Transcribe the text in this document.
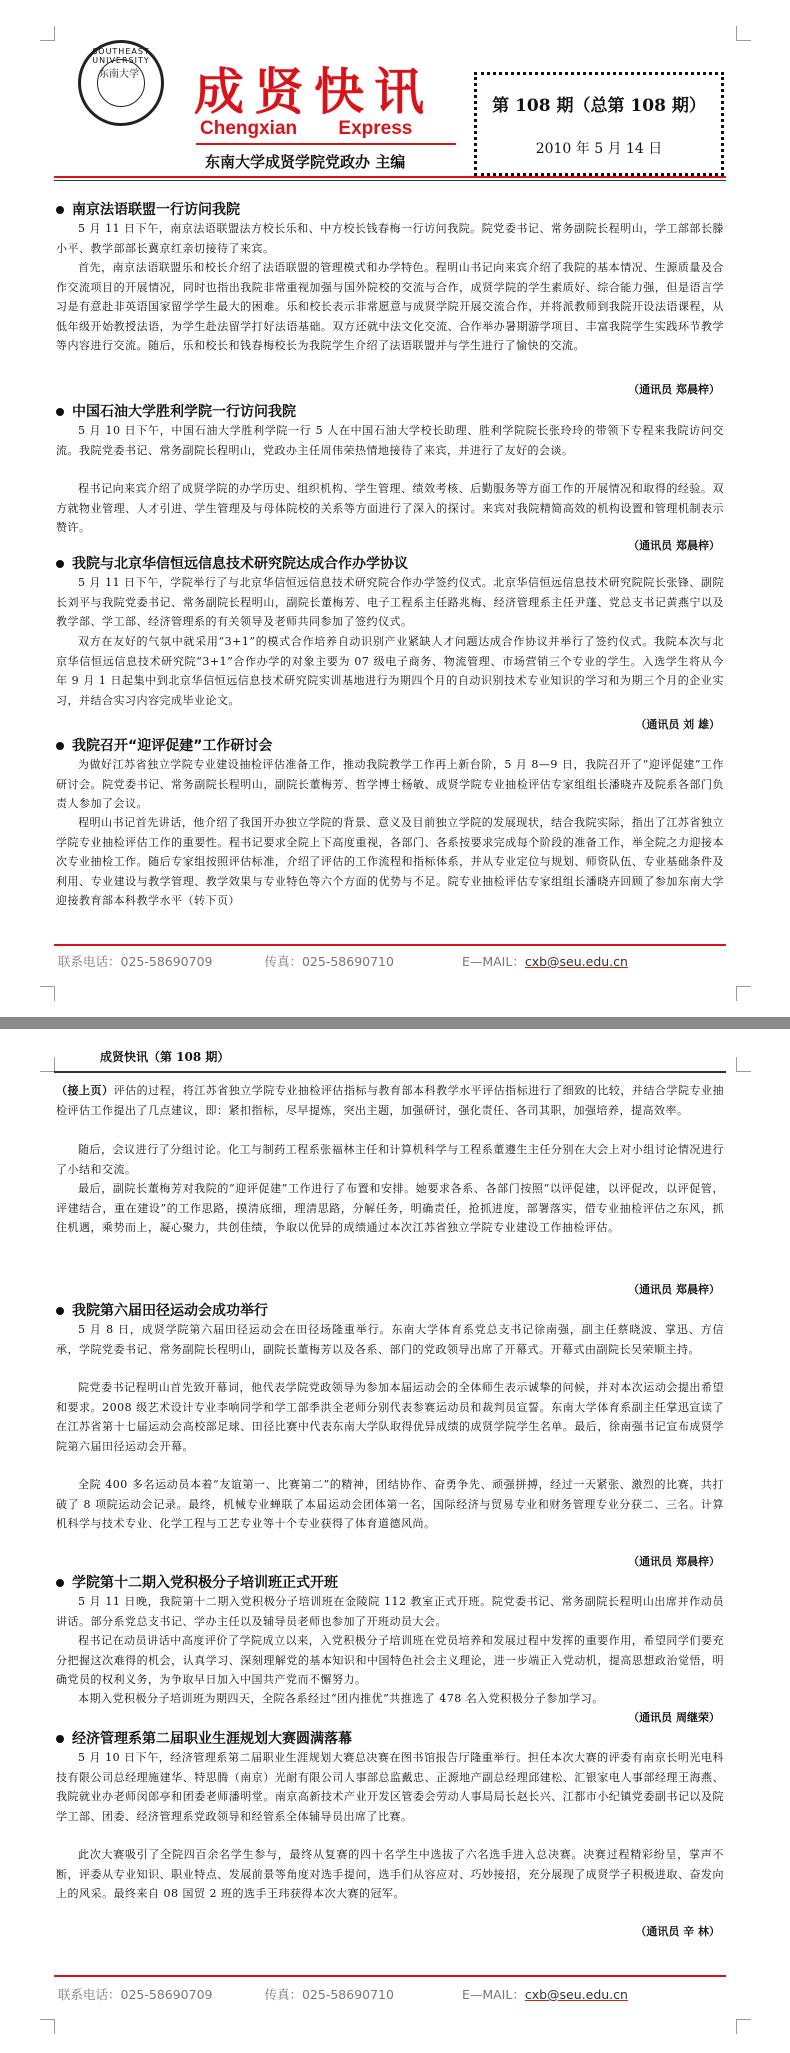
SOUTHEAST UNIVERSITY
东南大学 成贤快讯
Chengxian Express
东南大学成贤学院党政办 主编
第 108 期（总第 108 期）
2010 年 5 月 14 日
南京法语联盟一行访问我院
5 月 11 日下午，南京法语联盟法方校长乐和、中方校长钱春梅一行访问我院。院党委书记、常务副院长程明山，学工部部长滕小平、教学部部长冀京红亲切接待了来宾。
首先，南京法语联盟乐和校长介绍了法语联盟的管理模式和办学特色。程明山书记向来宾介绍了我院的基本情况、生源质量及合作交流项目的开展情况，同时也指出我院非常重视加强与国外院校的交流与合作，成贤学院的学生素质好、综合能力强，但是语言学习是有意赴非英语国家留学学生最大的困难。乐和校长表示非常愿意与成贤学院开展交流合作，并将派教师到我院开设法语课程，从低年级开始教授法语，为学生赴法留学打好法语基础。双方还就中法文化交流、合作举办暑期游学项目、丰富我院学生实践环节教学等内容进行交流。随后，乐和校长和钱春梅校长为我院学生介绍了法语联盟并与学生进行了愉快的交流。
（通讯员 郑晨梓）
中国石油大学胜利学院一行访问我院
5 月 10 日下午，中国石油大学胜利学院一行 5 人在中国石油大学校长助理、胜利学院院长张玲玲的带领下专程来我院访问交流。我院党委书记、常务副院长程明山，党政办主任周伟荣热情地接待了来宾，并进行了友好的会谈。
程书记向来宾介绍了成贤学院的办学历史、组织机构、学生管理、绩效考核、后勤服务等方面工作的开展情况和取得的经验。双方就物业管理、人才引进、学生管理及与母体院校的关系等方面进行了深入的探讨。来宾对我院精简高效的机构设置和管理机制表示赞许。
（通讯员 郑晨梓）
我院与北京华信恒远信息技术研究院达成合作办学协议
5 月 11 日下午，学院举行了与北京华信恒远信息技术研究院合作办学签约仪式。北京华信恒远信息技术研究院院长张锋、副院长刘平与我院党委书记、常务副院长程明山，副院长董梅芳、电子工程系主任路兆梅、经济管理系主任尹蓬、党总支书记黄燕宁以及教学部、学工部、经济管理系的有关领导及老师共同参加了签约仪式。
双方在友好的气氛中就采用“3+1”的模式合作培养自动识别产业紧缺人才问题达成合作协议并举行了签约仪式。我院本次与北京华信恒远信息技术研究院“3+1”合作办学的对象主要为 07 级电子商务、物流管理、市场营销三个专业的学生。入选学生将从今年 9 月 1 日起集中到北京华信恒远信息技术研究院实训基地进行为期四个月的自动识别技术专业知识的学习和为期三个月的企业实习，并结合实习内容完成毕业论文。
（通讯员 刘 雄）
我院召开“迎评促建”工作研讨会
为做好江苏省独立学院专业建设抽检评估准备工作，推动我院教学工作再上新台阶，5 月 8—9 日，我院召开了“迎评促建”工作研讨会。院党委书记、常务副院长程明山，副院长董梅芳、哲学博士杨敏、成贤学院专业抽检评估专家组组长潘晓卉及院系各部门负责人参加了会议。
程明山书记首先讲话，他介绍了我国开办独立学院的背景、意义及目前独立学院的发展现状，结合我院实际，指出了江苏省独立学院专业抽检评估工作的重要性。程书记要求全院上下高度重视，各部门、各系按要求完成每个阶段的准备工作，举全院之力迎接本次专业抽检工作。随后专家组按照评估标准，介绍了评估的工作流程和指标体系，并从专业定位与规划、师资队伍、专业基础条件及利用、专业建设与教学管理、教学效果与专业特色等六个方面的优势与不足。院专业抽检评估专家组组长潘晓卉回顾了参加东南大学迎接教育部本科教学水平（转下页）
联系电话：025-58690709	传真：025-58690710	E—MAIL：cxb@seu.edu.cn
成贤快讯（第 108 期）
（接上页）评估的过程，将江苏省独立学院专业抽检评估指标与教育部本科教学水平评估指标进行了细致的比较，并结合学院专业抽检评估工作提出了几点建议，即：紧扣指标，尽早提炼，突出主题，加强研讨，强化责任、各司其职，加强培养，提高效率。
随后，会议进行了分组讨论。化工与制药工程系张福林主任和计算机科学与工程系董遵生主任分别在大会上对小组讨论情况进行了小结和交流。
最后，副院长董梅芳对我院的“迎评促建”工作进行了布置和安排。她要求各系、各部门按照“以评促建，以评促改，以评促管，评建结合，重在建设”的工作思路，摸清底细，理清思路，分解任务，明确责任，抢抓进度，部署落实，借专业抽检评估之东风，抓住机遇，乘势而上，凝心聚力，共创佳绩，争取以优异的成绩通过本次江苏省独立学院专业建设工作抽检评估。
（通讯员 郑晨梓）
我院第六届田径运动会成功举行
5 月 8 日，成贤学院第六届田径运动会在田径场隆重举行。东南大学体育系党总支书记徐南强，副主任蔡晓波、掌迅、方信承，学院党委书记、常务副院长程明山，副院长董梅芳以及各系、部门的党政领导出席了开幕式。开幕式由副院长吴荣顺主持。
院党委书记程明山首先致开幕词，他代表学院党政领导为参加本届运动会的全体师生表示诚挚的问候，并对本次运动会提出希望和要求。2008 级艺术设计专业李响同学和学工部季洪全老师分别代表参赛运动员和裁判员宣誓。东南大学体育系副主任掌迅宣读了在江苏省第十七届运动会高校部足球、田径比赛中代表东南大学队取得优异成绩的成贤学院学生名单。最后，徐南强书记宣布成贤学院第六届田径运动会开幕。
全院 400 多名运动员本着“友谊第一、比赛第二”的精神，团结协作、奋勇争先、顽强拼搏，经过一天紧张、激烈的比赛，共打破了 8 项院运动会记录。最终，机械专业蝉联了本届运动会团体第一名，国际经济与贸易专业和财务管理专业分获二、三名。计算机科学与技术专业、化学工程与工艺专业等十个专业获得了体育道德风尚。
（通讯员 郑晨梓）
学院第十二期入党积极分子培训班正式开班
5 月 11 日晚，我院第十二期入党积极分子培训班在金陵院 112 教室正式开班。院党委书记、常务副院长程明山出席并作动员讲话。部分系党总支书记、学办主任以及辅导员老师也参加了开班动员大会。
程书记在动员讲话中高度评价了学院成立以来，入党积极分子培训班在党员培养和发展过程中发挥的重要作用，希望同学们要充分把握这次难得的机会，认真学习、深刻理解党的基本知识和中国特色社会主义理论，进一步端正入党动机，提高思想政治觉悟，明确党员的权利义务，为争取早日加入中国共产党而不懈努力。
本期入党积极分子培训班为期四天，全院各系经过“团内推优”共推选了 478 名入党积极分子参加学习。
（通讯员 周继荣）
经济管理系第二届职业生涯规划大赛圆满落幕
5 月 10 日下午，经济管理系第二届职业生涯规划大赛总决赛在图书馆报告厅隆重举行。担任本次大赛的评委有南京长明光电科技有限公司总经理施建华、特思腾（南京）光耐有限公司人事部总监戴忠、正源地产副总经理邱建松、汇银家电人事部经理王海燕、我院就业办老师闵郎亭和团委老师潘明堂。南京高新技术产业开发区管委会劳动人事局局长赵长兴、江都市小纪镇党委副书记以及院学工部、团委、经济管理系党政领导和经管系全体辅导员出席了比赛。
此次大赛吸引了全院四百余名学生参与，最终从复赛的四十名学生中选拔了六名选手进入总决赛。决赛过程精彩纷呈，掌声不断，评委从专业知识、职业特点、发展前景等角度对选手提问，选手们从容应对、巧妙接招，充分展现了成贤学子积极进取、奋发向上的风采。最终来自 08 国贸 2 班的选手王玮获得本次大赛的冠军。
（通讯员 辛 林）
联系电话：025-58690709	传真：025-58690710	E—MAIL：cxb@seu.edu.cn
